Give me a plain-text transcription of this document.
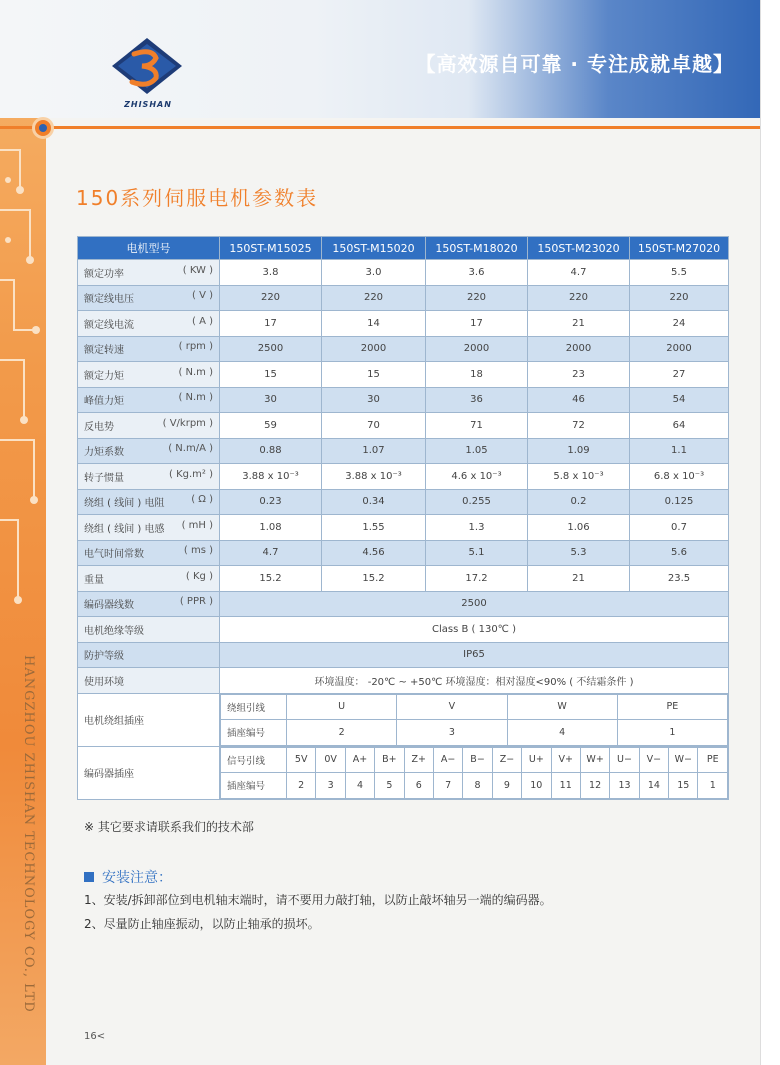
ZHISHAN
【高效源自可靠 · 专注成就卓越】
HANGZHOU ZHISHAN TECHNOLOGY CO., LTD
150系列伺服电机参数表
电机型号	150ST-M15025	150ST-M15020	150ST-M18020	150ST-M23020	150ST-M27020
额定功率	( KW )	3.8	3.0	3.6	4.7	5.5
额定线电压	( V )	220	220	220	220	220
额定线电流	( A )	17	14	17	21	24
额定转速	( rpm )	2500	2000	2000	2000	2000
额定力矩	( N.m )	15	15	18	23	27
峰值力矩	( N.m )	30	30	36	46	54
反电势	( V/krpm )	59	70	71	72	64
力矩系数	( N.m/A )	0.88	1.07	1.05	1.09	1.1
转子惯量	( Kg.m² )	3.88 x 10⁻³	3.88 x 10⁻³	4.6 x 10⁻³	5.8 x 10⁻³	6.8 x 10⁻³
绕组 ( 线间 ) 电阻	( Ω )	0.23	0.34	0.255	0.2	0.125
绕组 ( 线间 ) 电感 ( mH )	1.08	1.55	1.3	1.06	0.7
电气时间常数	( ms )	4.7	4.56	5.1	5.3	5.6
重量	( Kg )	15.2	15.2	17.2	21	23.5
编码器线数	( PPR )	2500
电机绝缘等级	Class B ( 130℃ )
防护等级	IP65
使用环境	环境温度： -20℃ ~ +50℃ 环境湿度：相对湿度<90% ( 不结霜条件 )
电机绕组插座	
绕组引线	U	V	W	PE
插座编号	2	3	4	1

编码器插座	
信号引线	5V	0V	A+	B+	Z+	A−	B−	Z−	U+	V+	W+	U−	V−	W−	PE
插座编号	2	3	4	5	6	7	8	9	10	11	12	13	14	15	1
※ 其它要求请联系我们的技术部
安装注意：
1、安装/拆卸部位到电机轴末端时，请不要用力敲打轴，以防止敲坏轴另一端的编码器。
2、尽量防止轴座振动，以防止轴承的损坏。
16<
